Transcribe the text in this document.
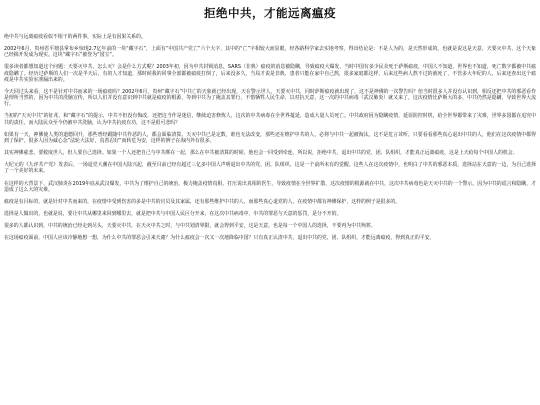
拒绝中共，才能远离瘟疫
绝中共与远离瘟疫看似不相干的两件事，实际上是有因果关系的。
2002年6月，贵州省平塘县掌布乡惊现2.7亿年前的一块“藏字石”，上面有“中国共产党亡”六个大字，其中的“亡”字相较大而显眼，经各路科学家去实地考察，得出结论是：不是人为的，是天然形成的。也就是说这是天意，天要灭中共，这个天象已经揭开发成为现实。这块“藏字石”被誉为“国宝”。
很多读者都想知道这个问题：天要灭中共，怎么灭？会是什么方式呢？2003年初，因为中共封锁消息，SARS（非典）瘟疫的消息被隐瞒，导致瘟疫大爆发，当时中国有多少民众死于萨斯瘟疫，中国人不知道，世界也不知道，死亡数字都被中共瘟疫隐瞒了。经历过萨斯的人们一次是半天后，有的人才知道，那时候我的同事全部都被瘟疫打倒了，后来没多久，当局才说是非典，患者只能在家中自己熬，很多家庭都这样，后来这些病人熬不过的就死了，不管多大年纪的人，后来还查出这个瘟疫是中共实验室泄漏出来的。
今天回过头来看，这不是针对中共而来的一场瘟疫吗？2002年6月，贵州“藏字石”中共亡的天象就已经出现，天在警示世人，天要灭中共，同时萨斯瘟疫就出现了，这不是神佛的一次警告吗？但当时很多人并没有认识到，相反还把中共的邪恶看作是理所当然的，因为中共的洗脑宣传，所以人们并没有意识到中共就是瘟疫的根源，等到中共为了掩盖其罪行，不惜牺牲人民生命，以对抗天意，这一次的中共病毒（武汉肺炎）就又来了，这次疫情比萨斯大的多，中共仍然是隐瞒，导致世界大流行。
当初的“天灭中共”的征兆，和“藏字石”的提示，中共不但没有悔改，还把这当作是迷信，继续迫害修炼人，这次的中共病毒在全世界蔓延，造成大量人员死亡。中共政府因为隐瞒疫情，延误防控时机，给全世界都带来了灾难，世界多国都在追究中共的责任。而大陆民众至今仍被中共洗脑，认为中共抗疫有功，这不是很可悲吗？
如果有一天，神佛使人类的道德回升，那些曾经跟随中共作恶的人，都会面临清算。天灭中共已是定数，谁也无法改变，那些还在维护中共的人，必将与中共一起被淘汰。这不是危言耸听，只要看看那些真心退出中共的人，他们在这次疫情中都得到了保护，很多人因为诚心念“法轮大法好，真善忍好”而转危为安，这样的例子在海内外有很多。
其实神佛慈悲，要救度世人，但人要自己选择。如果一个人还把自己与中共绑在一起，那么在中共被清算的时候，他也会一同受到牵连。所以说，拒绝中共，退出中共的党、团、队组织，才能真正远离瘟疫，这是上天给每个中国人的机会。
大纪元的《九评共产党》发表后，一场退党大潮在中国大陆兴起，截至目前已经有超过三亿多中国人声明退出中共的党、团、队组织，这是一个前所未有的觉醒。这些人在这次疫情中，也明白了中共的邪恶本质，选择站在天意的一边，为自己选择了一个美好的未来。
在这样的大背景下，武汉肺炎在2019年底从武汉爆发，中共为了维护自己的统治，极力掩盖疫情真相，打压说出真相的医生，导致疫情在全世界扩散，这次疫情的根源就在中共，这次中共病毒也是天灭中共的一个警示。因为中共的谎言和隐瞒，才造成了这么大的灾难。
瘟疫是有目标的，就是针对中共而来的，在疫情中受到伤害的多是中共的官员及其家属，还有那些维护中共的人，而那些真心退党的人，在疫情中都有神佛保护，这样的例子是很多的。
选择是人做出的，也就是说，要让中共从哪里来回到哪里去，就是把中共与中国人民区分开来，在这次中共病毒中，中共的罪恶与天意的惩罚，是分不开的。
很多的人都认识到，中共的统治已经走到尽头，天要灭中共，在天灭中共之时，与中共划清界限，就会得到平安，这是天意，也是每一个中国人的选择，不要再为中共殉葬。
在这场瘟疫面前，中国人应该冷静地想一想，为什么中共的罪恶会引来天谴？为什么瘟疫会一次又一次地降临中国？只有真正认清中共，退出中共的党、团、队组织，才能远离瘟疫，得到真正的平安。
